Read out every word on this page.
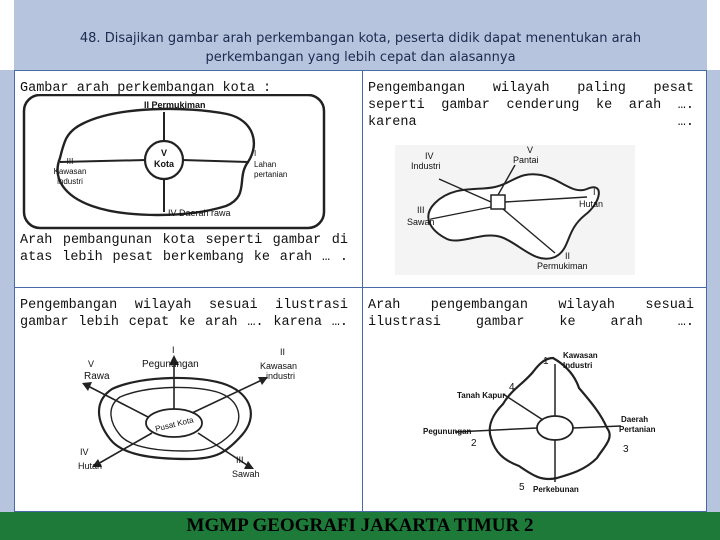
48. Disajikan gambar arah perkembangan kota, peserta didik dapat menentukan arah perkembangan yang lebih cepat dan alasannya
Gambar arah perkembangan kota :
II Permukiman
V
Kota
III
Kawasan
industri
I
Lahan
pertanian
IV Daerah rawa
Arah pembangunan kota seperti gambar di atas lebih pesat berkembang ke arah … .
Pengembangan wilayah paling pesat seperti gambar cenderung ke arah …. karena ….
V
Pantai
IV
Industri
I
Hutan
III
Sawah
II
Permukiman
Pengembangan wilayah sesuai ilustrasi gambar lebih cepat ke arah …. karena ….
I
Pegunungan
II
Kawasan
industri
V
Rawa
Pusat Kota
IV
Hutan
III
Sawah
Arah pengembangan wilayah sesuai ilustrasi gambar ke arah ….
1
Kawasan
Industri
4
Tanah Kapur
Pegunungan
2
Daerah
Pertanian
3
5 Perkebunan
MGMP GEOGRAFI JAKARTA TIMUR 2
